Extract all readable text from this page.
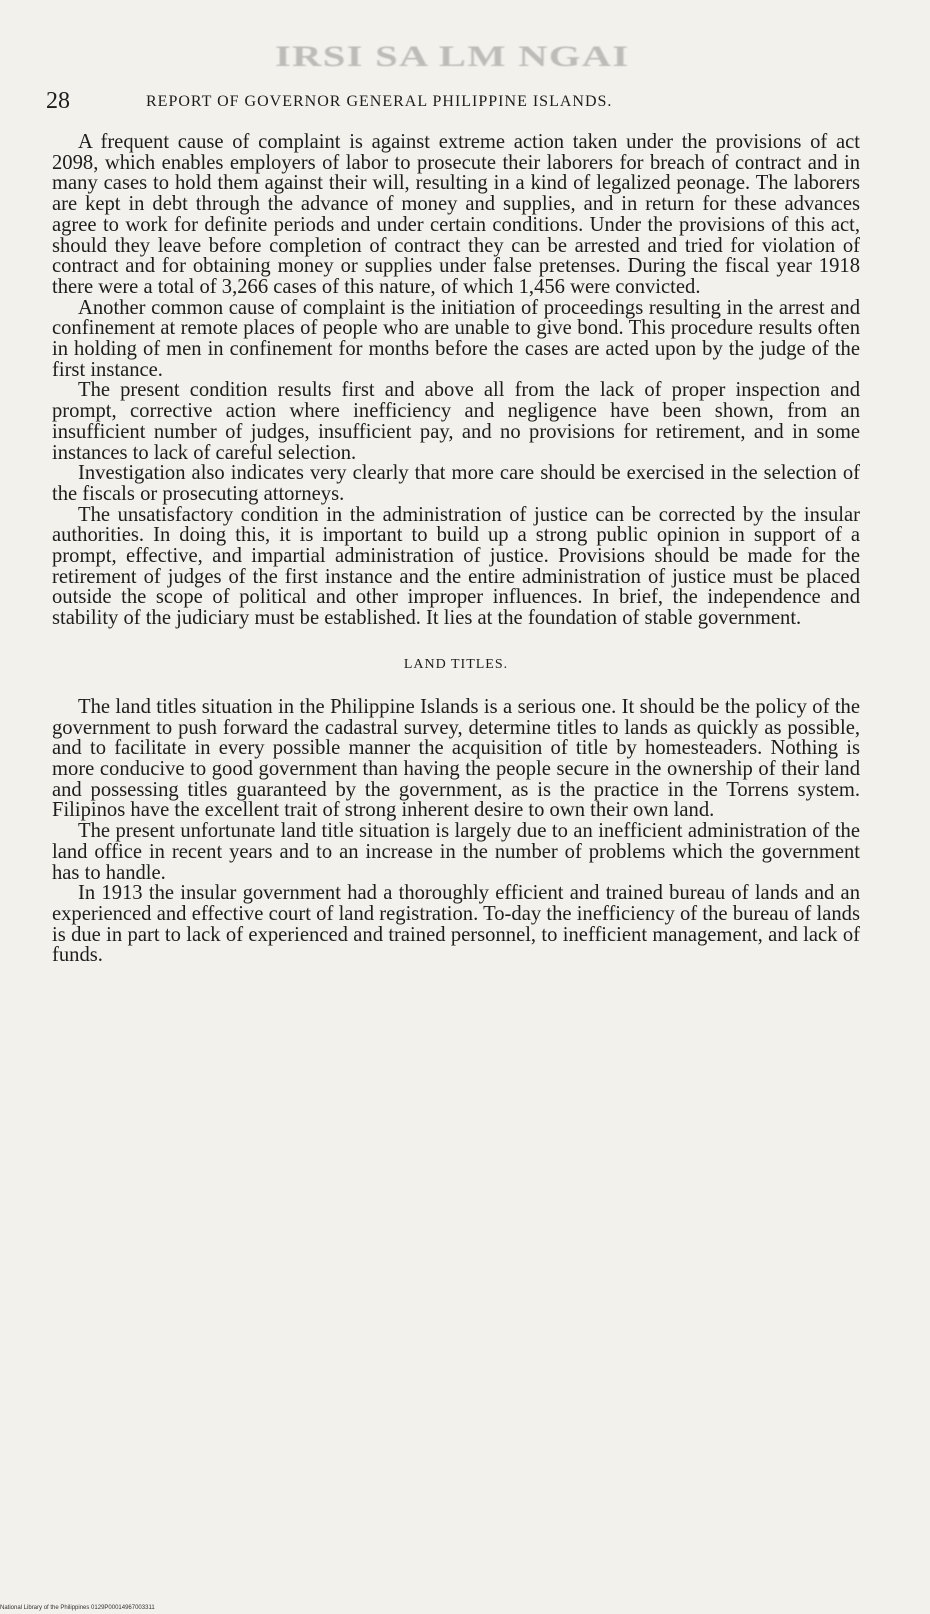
IRSI SA LM NGAI
28	REPORT OF GOVERNOR GENERAL PHILIPPINE ISLANDS.

A frequent cause of complaint is against extreme action taken under the provisions of act 2098, which enables employers of labor to prosecute their laborers for breach of contract and in many cases to hold them against their will, resulting in a kind of legalized peonage. The laborers are kept in debt through the advance of money and supplies, and in return for these advances agree to work for definite periods and under certain conditions. Under the provisions of this act, should they leave before completion of contract they can be arrested and tried for violation of contract and for obtaining money or supplies under false pretenses. During the fiscal year 1918 there were a total of 3,266 cases of this nature, of which 1,456 were convicted.

Another common cause of complaint is the initiation of proceedings resulting in the arrest and confinement at remote places of people who are unable to give bond. This procedure results often in holding of men in confinement for months before the cases are acted upon by the judge of the first instance.

The present condition results first and above all from the lack of proper inspection and prompt, corrective action where inefficiency and negligence have been shown, from an insufficient number of judges, insufficient pay, and no provisions for retirement, and in some instances to lack of careful selection.

Investigation also indicates very clearly that more care should be exercised in the selection of the fiscals or prosecuting attorneys.

The unsatisfactory condition in the administration of justice can be corrected by the insular authorities. In doing this, it is important to build up a strong public opinion in support of a prompt, effective, and impartial administration of justice. Provisions should be made for the retirement of judges of the first instance and the entire administration of justice must be placed outside the scope of political and other improper influences. In brief, the independence and stability of the judiciary must be established. It lies at the foundation of stable government.

LAND TITLES.

The land titles situation in the Philippine Islands is a serious one. It should be the policy of the government to push forward the cadastral survey, determine titles to lands as quickly as possible, and to facilitate in every possible manner the acquisition of title by homesteaders. Nothing is more conducive to good government than having the people secure in the ownership of their land and possessing titles guaranteed by the government, as is the practice in the Torrens system. Filipinos have the excellent trait of strong inherent desire to own their own land.

The present unfortunate land title situation is largely due to an inefficient administration of the land office in recent years and to an increase in the number of problems which the government has to handle.

In 1913 the insular government had a thoroughly efficient and trained bureau of lands and an experienced and effective court of land registration. To-day the inefficiency of the bureau of lands is due in part to lack of experienced and trained personnel, to inefficient management, and lack of funds.

National Library of the Philippines 0129P00014967003311
